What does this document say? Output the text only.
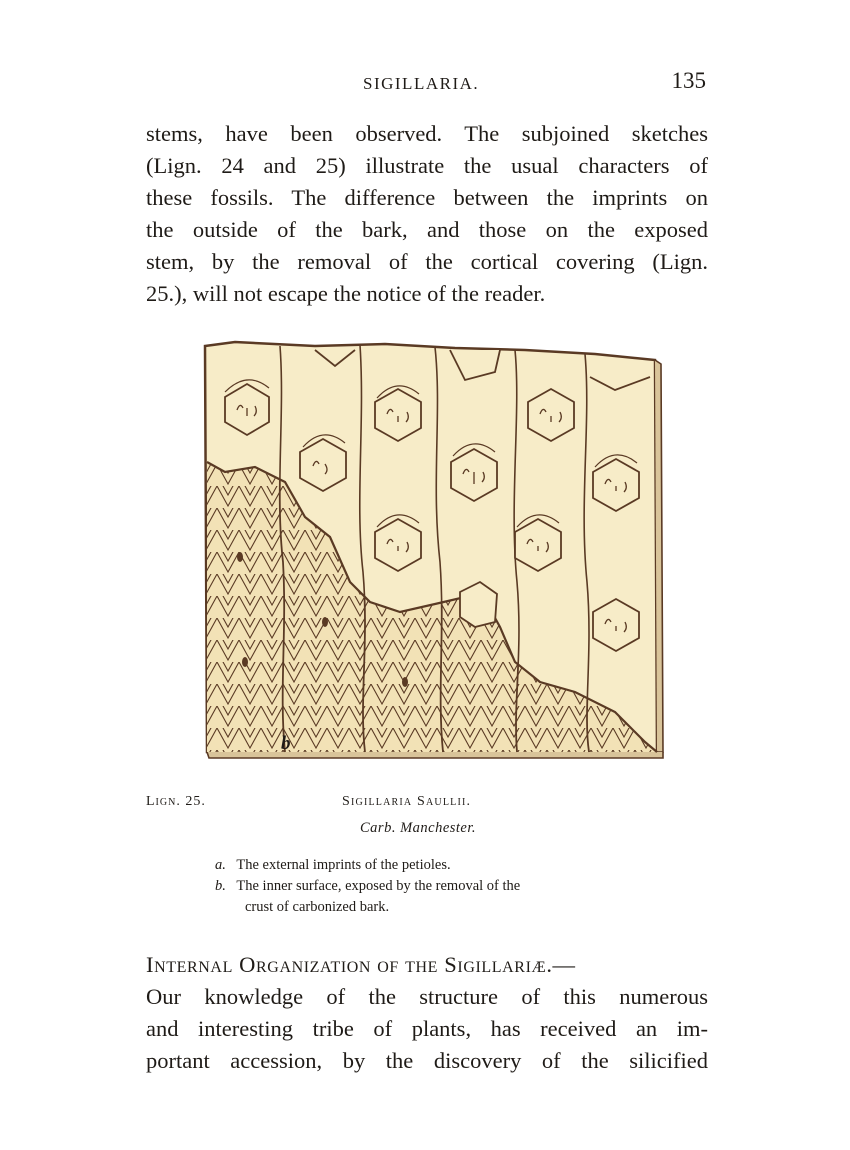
SIGILLARIA.	135
stems, have been observed. The subjoined sketches
(Lign. 24 and 25) illustrate the usual characters of
these fossils. The difference between the imprints on
the outside of the bark, and those on the exposed
stem, by the removal of the cortical covering (Lign.
25.), will not escape the notice of the reader.
b
Lign. 25.	Sigillaria Saullii.
Carb. Manchester.
a. The external imprints of the petioles.
b. The inner surface, exposed by the removal of the
crust of carbonized bark.
Internal Organization of the Sigillariæ.—
Our knowledge of the structure of this numerous
and interesting tribe of plants, has received an im-
portant accession, by the discovery of the silicified
